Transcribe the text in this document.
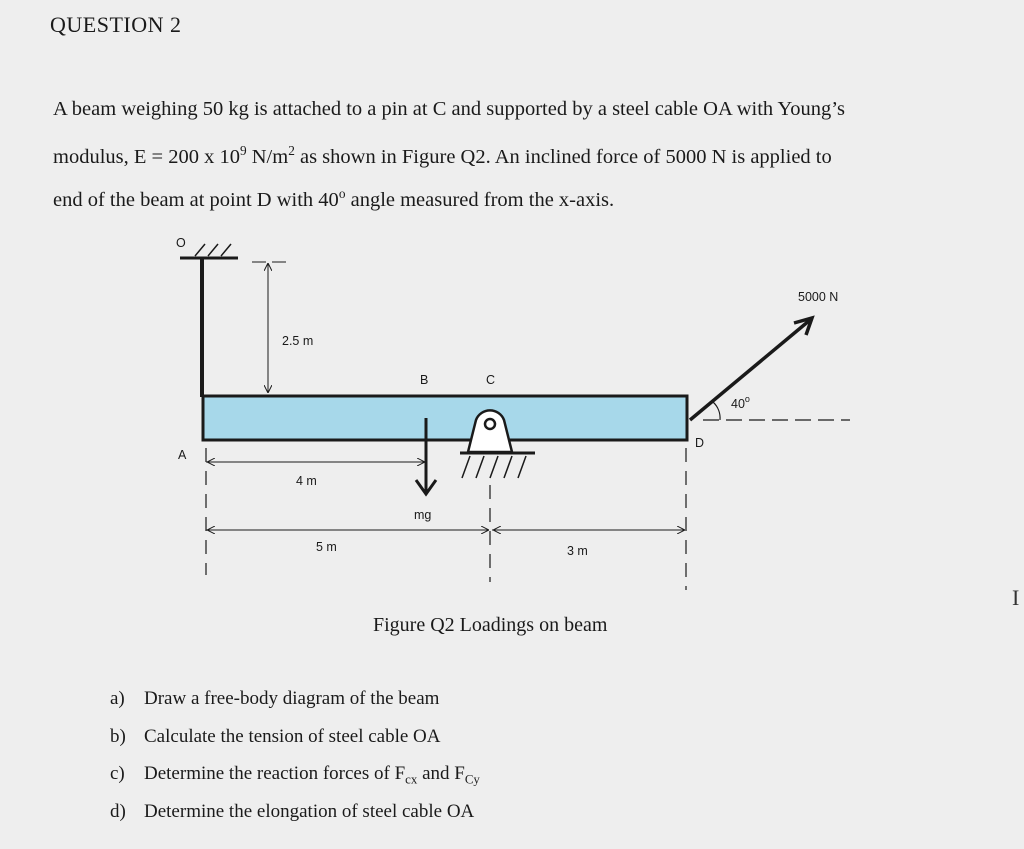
QUESTION 2
A beam weighing 50 kg is attached to a pin at C and supported by a steel cable OA with Young’s
modulus, E = 200 x $10^9$ $N/m^2$ as shown in Figure Q2. An inclined force of 5000 N is applied to
end of the beam at point D with 40$^o$ angle measured from the x-axis.
O
2.5 m
B	C
A
D
mg
4 m
5 m	3 m
40$^o$
5000 N
Figure Q2 Loadings on beam
a) Draw a free-body diagram of the beam
b) Calculate the tension of steel cable OA
c) Determine the reaction forces of $F_{cx}$ and $F_{Cy}$
d) Determine the elongation of steel cable OA
I
